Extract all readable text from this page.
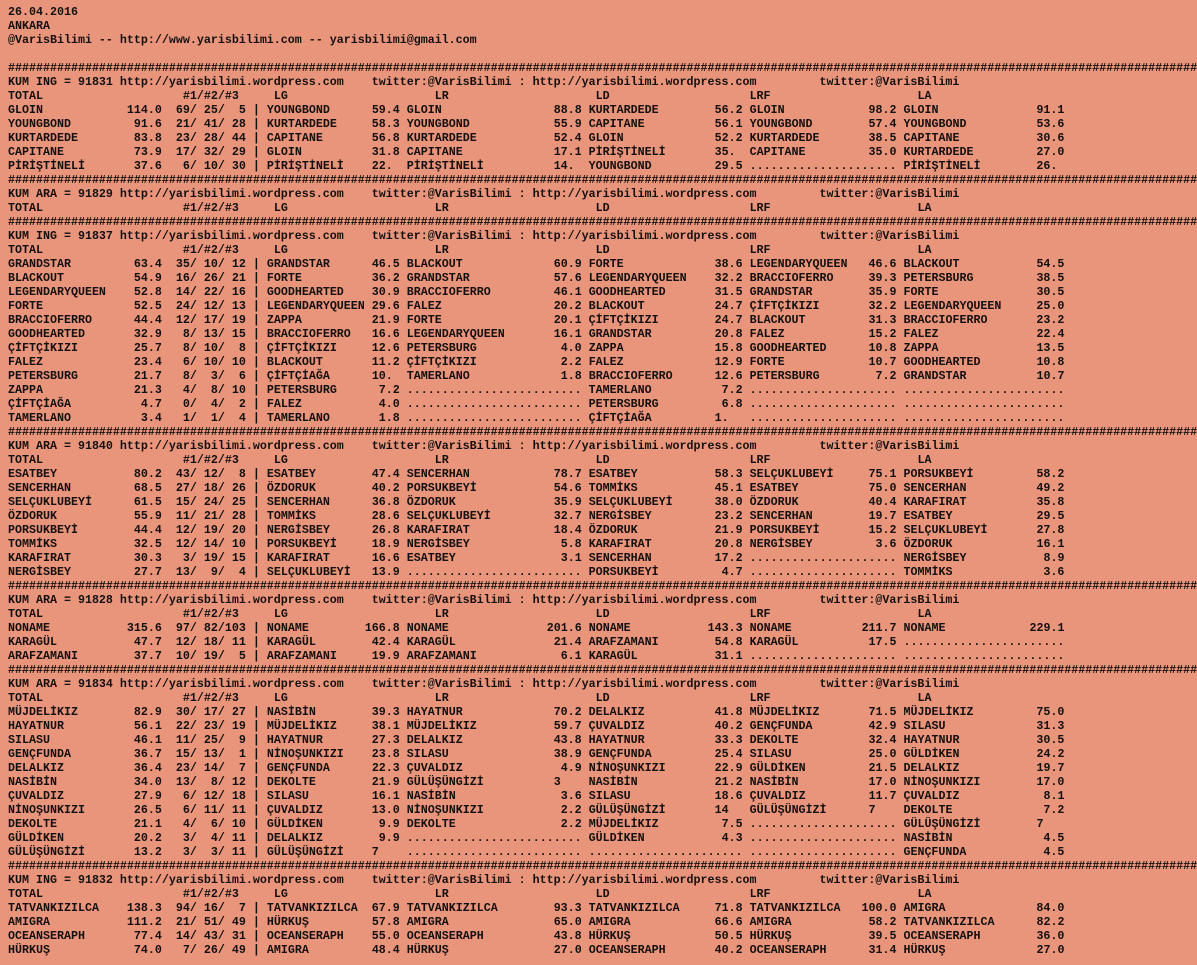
26.04.2016
ANKARA
@VarisBilimi -- http://www.yarisbilimi.com -- yarisbilimi@gmail.com
##########################################################################################################################################################################
KUM ING = 91831 http://yarisbilimi.wordpress.com twitter:@VarisBilimi : http://yarisbilimi.wordpress.com	twitter:@VarisBilimi
TOTAL	#1/#2/#3	LG	LR	LD	LRF	LA
GLOIN            114.0  69/ 25/  5 | YOUNGBOND	59.4 GLOIN	88.8 KURTARDEDE	56.2 GLOIN	98.2 GLOIN	91.1
YOUNGBOND         91.6  21/ 41/ 28 | KURTARDEDE	58.3 YOUNGBOND	55.9 CAPITANE	56.1 YOUNGBOND	57.4 YOUNGBOND	53.6
KURTARDEDE        83.8  23/ 28/ 44 | CAPITANE	56.8 KURTARDEDE	52.4 GLOIN	52.2 KURTARDEDE	38.5 CAPITANE	30.6
CAPITANE          73.9  17/ 32/ 29 | GLOIN	31.8 CAPITANE	17.1 PİRİŞTİNELİ	35.  CAPITANE	35.0 KURTARDEDE	27.0
PİRİŞTİNELİ       37.6   6/ 10/ 30 | PİRİŞTİNELİ 22.  PİRİŞTİNELİ	14.  YOUNGBOND	29.5 ..................... PİRİŞTİNELİ	26.
##########################################################################################################################################################################
KUM ARA = 91829 http://yarisbilimi.wordpress.com twitter:@VarisBilimi : http://yarisbilimi.wordpress.com	twitter:@VarisBilimi
TOTAL	#1/#2/#3	LG	LR	LD	LRF	LA
##########################################################################################################################################################################
KUM ING = 91837 http://yarisbilimi.wordpress.com twitter:@VarisBilimi : http://yarisbilimi.wordpress.com	twitter:@VarisBilimi
TOTAL	#1/#2/#3	LG	LR	LD	LRF	LA
GRANDSTAR         63.4  35/ 10/ 12 | GRANDSTAR	46.5 BLACKOUT	60.9 FORTE	38.6 LEGENDARYQUEEN 46.6 BLACKOUT	54.5
BLACKOUT          54.9  16/ 26/ 21 | FORTE	36.2 GRANDSTAR	57.6 LEGENDARYQUEEN 32.2 BRACCIOFERRO	39.3 PETERSBURG	38.5
LEGENDARYQUEEN    52.8  14/ 22/ 16 | GOODHEARTED 30.9 BRACCIOFERRO	46.1 GOODHEARTED	31.5 GRANDSTAR	35.9 FORTE	30.5
FORTE             52.5  24/ 12/ 13 | LEGENDARYQUEEN 29.6 FALEZ	20.2 BLACKOUT	24.7 ÇİFTÇİKIZI	32.2 LEGENDARYQUEEN	25.0
BRACCIOFERRO      44.4  12/ 17/ 19 | ZAPPA	21.9 FORTE	20.1 ÇİFTÇİKIZI	24.7 BLACKOUT	31.3 BRACCIOFERRO	23.2
GOODHEARTED       32.9   8/ 13/ 15 | BRACCIOFERRO 16.6 LEGENDARYQUEEN	16.1 GRANDSTAR	20.8 FALEZ	15.2 FALEZ	22.4
ÇİFTÇİKIZI        25.7   8/ 10/  8 | ÇİFTÇİKIZI	12.6 PETERSBURG	4.0 ZAPPA	15.8 GOODHEARTED	10.8 ZAPPA	13.5
FALEZ             23.4   6/ 10/ 10 | BLACKOUT	11.2 ÇİFTÇİKIZI	2.2 FALEZ	12.9 FORTE	10.7 GOODHEARTED	10.8
PETERSBURG        21.7   8/  3/  6 | ÇİFTÇİAĞA	10.  TAMERLANO	1.8 BRACCIOFERRO	12.6 PETERSBURG	7.2 GRANDSTAR	10.7
ZAPPA             21.3   4/  8/ 10 | PETERSBURG	7.2 ......................... TAMERLANO	7.2 ..................... .......................
ÇİFTÇİAĞA          4.7   0/  4/  2 | FALEZ	4.0 ......................... PETERSBURG	6.8 ..................... .......................
TAMERLANO          3.4   1/  1/  4 | TAMERLANO	1.8 ......................... ÇİFTÇİAĞA	1.   ..................... .......................
##########################################################################################################################################################################
KUM ARA = 91840 http://yarisbilimi.wordpress.com twitter:@VarisBilimi : http://yarisbilimi.wordpress.com	twitter:@VarisBilimi
TOTAL	#1/#2/#3	LG	LR	LD	LRF	LA
ESATBEY           80.2  43/ 12/  8 | ESATBEY	47.4 SENCERHAN	78.7 ESATBEY	58.3 SELÇUKLUBEYİ	75.1 PORSUKBEYİ	58.2
SENCERHAN         68.5  27/ 18/ 26 | ÖZDORUK	40.2 PORSUKBEYİ	54.6 TOMMİKS	45.1 ESATBEY	75.0 SENCERHAN	49.2
SELÇUKLUBEYİ      61.5  15/ 24/ 25 | SENCERHAN	36.8 ÖZDORUK	35.9 SELÇUKLUBEYİ	38.0 ÖZDORUK	40.4 KARAFIRAT	35.8
ÖZDORUK           55.9  11/ 21/ 28 | TOMMİKS	28.6 SELÇUKLUBEYİ	32.7 NERGİSBEY	23.2 SENCERHAN	19.7 ESATBEY	29.5
PORSUKBEYİ        44.4  12/ 19/ 20 | NERGİSBEY	26.8 KARAFIRAT	18.4 ÖZDORUK	21.9 PORSUKBEYİ	15.2 SELÇUKLUBEYİ	27.8
TOMMİKS           32.5  12/ 14/ 10 | PORSUKBEYİ	18.9 NERGİSBEY	5.8 KARAFIRAT	20.8 NERGİSBEY	3.6 ÖZDORUK	16.1
KARAFIRAT         30.3   3/ 19/ 15 | KARAFIRAT	16.6 ESATBEY	3.1 SENCERHAN	17.2 ..................... NERGİSBEY	8.9
NERGİSBEY         27.7  13/  9/  4 | SELÇUKLUBEYİ 13.9 ......................... PORSUKBEYİ	4.7 ..................... TOMMİKS	3.6
##########################################################################################################################################################################
KUM ARA = 91828 http://yarisbilimi.wordpress.com twitter:@VarisBilimi : http://yarisbilimi.wordpress.com	twitter:@VarisBilimi
TOTAL	#1/#2/#3	LG	LR	LD	LRF	LA
NONAME           315.6  97/ 82/103 | NONAME	166.8 NONAME	201.6 NONAME	143.3 NONAME	211.7 NONAME	229.1
KARAGÜL           47.7  12/ 18/ 11 | KARAGÜL	42.4 KARAGÜL	21.4 ARAFZAMANI	54.8 KARAGÜL	17.5 .......................
ARAFZAMANI        37.7  10/ 19/  5 | ARAFZAMANI	19.9 ARAFZAMANI	6.1 KARAGÜL	31.1 ..................... .......................
##########################################################################################################################################################################
KUM ARA = 91834 http://yarisbilimi.wordpress.com twitter:@VarisBilimi : http://yarisbilimi.wordpress.com	twitter:@VarisBilimi
TOTAL	#1/#2/#3	LG	LR	LD	LRF	LA
MÜJDELİKIZ        82.9  30/ 17/ 27 | NASİBİN	39.3 HAYATNUR	70.2 DELALKIZ	41.8 MÜJDELİKIZ	71.5 MÜJDELİKIZ	75.0
HAYATNUR          56.1  22/ 23/ 19 | MÜJDELİKIZ	38.1 MÜJDELİKIZ	59.7 ÇUVALDIZ	40.2 GENÇFUNDA	42.9 SILASU	31.3
SILASU            46.1  11/ 25/  9 | HAYATNUR	27.3 DELALKIZ	43.8 HAYATNUR	33.3 DEKOLTE	32.4 HAYATNUR	30.5
GENÇFUNDA         36.7  15/ 13/  1 | NİNOŞUNKIZI 23.8 SILASU	38.9 GENÇFUNDA	25.4 SILASU	25.0 GÜLDİKEN	24.2
DELALKIZ          36.4  23/ 14/  7 | GENÇFUNDA	22.3 ÇUVALDIZ	4.9 NİNOŞUNKIZI	22.9 GÜLDİKEN	21.5 DELALKIZ	19.7
NASİBİN           34.0  13/  8/ 12 | DEKOLTE	21.9 GÜLÜŞÜNGİZİ	3    NASİBİN	21.2 NASİBİN	17.0 NİNOŞUNKIZI	17.0
ÇUVALDIZ          27.9   6/ 12/ 18 | SILASU	16.1 NASİBİN	3.6 SILASU	18.6 ÇUVALDIZ	11.7 ÇUVALDIZ	8.1
NİNOŞUNKIZI       26.5   6/ 11/ 11 | ÇUVALDIZ	13.0 NİNOŞUNKIZI	2.2 GÜLÜŞÜNGİZİ	14   GÜLÜŞÜNGİZİ	7    DEKOLTE	7.2
DEKOLTE           21.1   4/  6/ 10 | GÜLDİKEN	9.9 DEKOLTE	2.2 MÜJDELİKIZ	7.5 ..................... GÜLÜŞÜNGİZİ	7
GÜLDİKEN          20.2   3/  4/ 11 | DELALKIZ	9.9 ......................... GÜLDİKEN	4.3 ..................... NASİBİN	4.5
GÜLÜŞÜNGİZİ       13.2   3/  3/ 11 | GÜLÜŞÜNGİZİ 7    ......................... ...................... ..................... GENÇFUNDA	4.5
##########################################################################################################################################################################
KUM ING = 91832 http://yarisbilimi.wordpress.com twitter:@VarisBilimi : http://yarisbilimi.wordpress.com	twitter:@VarisBilimi
TOTAL	#1/#2/#3	LG	LR	LD	LRF	LA
TATVANKIZILCA    138.3  94/ 16/  7 | TATVANKIZILCA 67.9 TATVANKIZILCA	93.3 TATVANKIZILCA	71.8 TATVANKIZILCA 100.0 AMIGRA	84.0
AMIGRA           111.2  21/ 51/ 49 | HÜRKUŞ	57.8 AMIGRA	65.0 AMIGRA	66.6 AMIGRA	58.2 TATVANKIZILCA	82.2
OCEANSERAPH       77.4  14/ 43/ 31 | OCEANSERAPH 55.0 OCEANSERAPH	43.8 HÜRKUŞ	50.5 HÜRKUŞ	39.5 OCEANSERAPH	36.0
HÜRKUŞ            74.0   7/ 26/ 49 | AMIGRA	48.4 HÜRKUŞ	27.0 OCEANSERAPH	40.2 OCEANSERAPH	31.4 HÜRKUŞ	27.0
